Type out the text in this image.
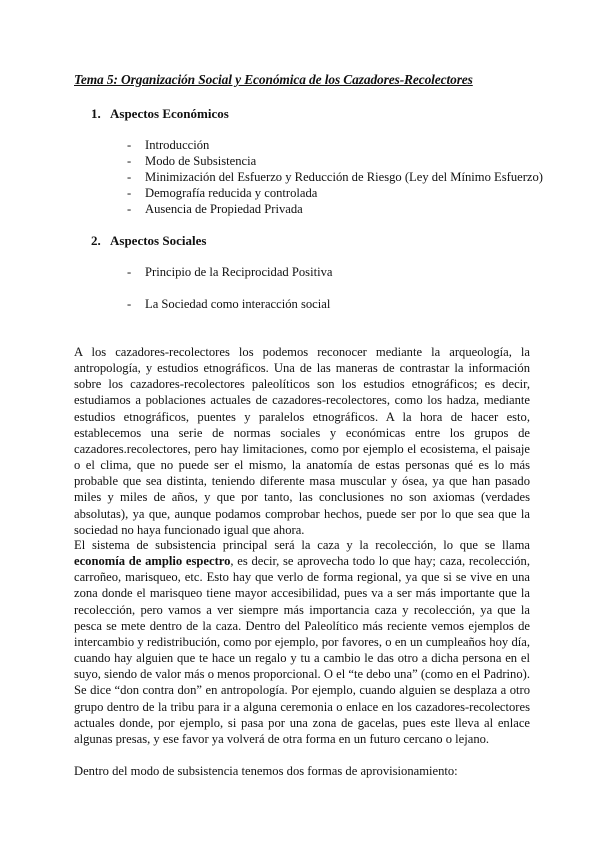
Tema 5: Organización Social y Económica de los Cazadores-Recolectores
1. Aspectos Económicos
- Introducción
- Modo de Subsistencia
- Minimización del Esfuerzo y Reducción de Riesgo (Ley del Mínimo Esfuerzo)
- Demografía reducida y controlada
- Ausencia de Propiedad Privada
2. Aspectos Sociales
- Principio de la Reciprocidad Positiva
- La Sociedad como interacción social

A los cazadores-recolectores los podemos reconocer mediante la arqueología, la antropología, y estudios etnográficos. Una de las maneras de contrastar la información sobre los cazadores-recolectores paleolíticos son los estudios etnográficos; es decir, estudiamos a poblaciones actuales de cazadores-recolectores, como los hadza, mediante estudios etnográficos, puentes y paralelos etnográficos. A la hora de hacer esto, establecemos una serie de normas sociales y económicas entre los grupos de cazadores.recolectores, pero hay limitaciones, como por ejemplo el ecosistema, el paisaje o el clima, que no puede ser el mismo, la anatomía de estas personas qué es lo más probable que sea distinta, teniendo diferente masa muscular y ósea, ya que han pasado miles y miles de años, y que por tanto, las conclusiones no son axiomas (verdades absolutas), ya que, aunque podamos comprobar hechos, puede ser por lo que sea que la sociedad no haya funcionado igual que ahora.

El sistema de subsistencia principal será la caza y la recolección, lo que se llama economía de amplio espectro, es decir, se aprovecha todo lo que hay; caza, recolección, carroñeo, marisqueo, etc. Esto hay que verlo de forma regional, ya que si se vive en una zona donde el marisqueo tiene mayor accesibilidad, pues va a ser más importante que la recolección, pero vamos a ver siempre más importancia caza y recolección, ya que la pesca se mete dentro de la caza. Dentro del Paleolítico más reciente vemos ejemplos de intercambio y redistribución, como por ejemplo, por favores, o en un cumpleaños hoy día, cuando hay alguien que te hace un regalo y tu a cambio le das otro a dicha persona en el suyo, siendo de valor más o menos proporcional. O el “te debo una” (como en el Padrino). Se dice “don contra don” en antropología. Por ejemplo, cuando alguien se desplaza a otro grupo dentro de la tribu para ir a alguna ceremonia o enlace en los cazadores-recolectores actuales donde, por ejemplo, si pasa por una zona de gacelas, pues este lleva al enlace algunas presas, y ese favor ya volverá de otra forma en un futuro cercano o lejano.

Dentro del modo de subsistencia tenemos dos formas de aprovisionamiento:
